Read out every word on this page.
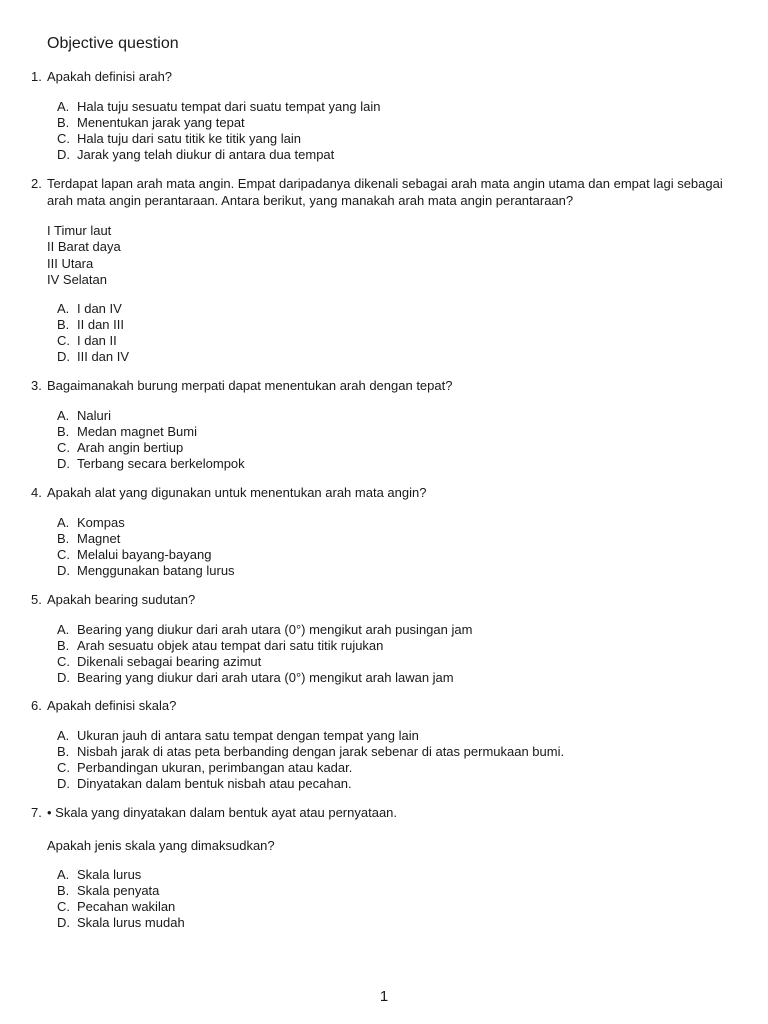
Objective question
1. Apakah definisi arah?
A. Hala tuju sesuatu tempat dari suatu tempat yang lain
B. Menentukan jarak yang tepat
C. Hala tuju dari satu titik ke titik yang lain
D. Jarak yang telah diukur di antara dua tempat
2. Terdapat lapan arah mata angin. Empat daripadanya dikenali sebagai arah mata angin utama dan empat lagi sebagai arah mata angin perantaraan. Antara berikut, yang manakah arah mata angin perantaraan?
I Timur laut
II Barat daya
III Utara
IV Selatan
A. I dan IV
B. II dan III
C. I dan II
D. III dan IV
3. Bagaimanakah burung merpati dapat menentukan arah dengan tepat?
A. Naluri
B. Medan magnet Bumi
C. Arah angin bertiup
D. Terbang secara berkelompok
4. Apakah alat yang digunakan untuk menentukan arah mata angin?
A. Kompas
B. Magnet
C. Melalui bayang-bayang
D. Menggunakan batang lurus
5. Apakah bearing sudutan?
A. Bearing yang diukur dari arah utara (0°) mengikut arah pusingan jam
B. Arah sesuatu objek atau tempat dari satu titik rujukan
C. Dikenali sebagai bearing azimut
D. Bearing yang diukur dari arah utara (0°) mengikut arah lawan jam
6. Apakah definisi skala?
A. Ukuran jauh di antara satu tempat dengan tempat yang lain
B. Nisbah jarak di atas peta berbanding dengan jarak sebenar di atas permukaan bumi.
C. Perbandingan ukuran, perimbangan atau kadar.
D. Dinyatakan dalam bentuk nisbah atau pecahan.
7. • Skala yang dinyatakan dalam bentuk ayat atau pernyataan.
Apakah jenis skala yang dimaksudkan?
A. Skala lurus
B. Skala penyata
C. Pecahan wakilan
D. Skala lurus mudah
1
